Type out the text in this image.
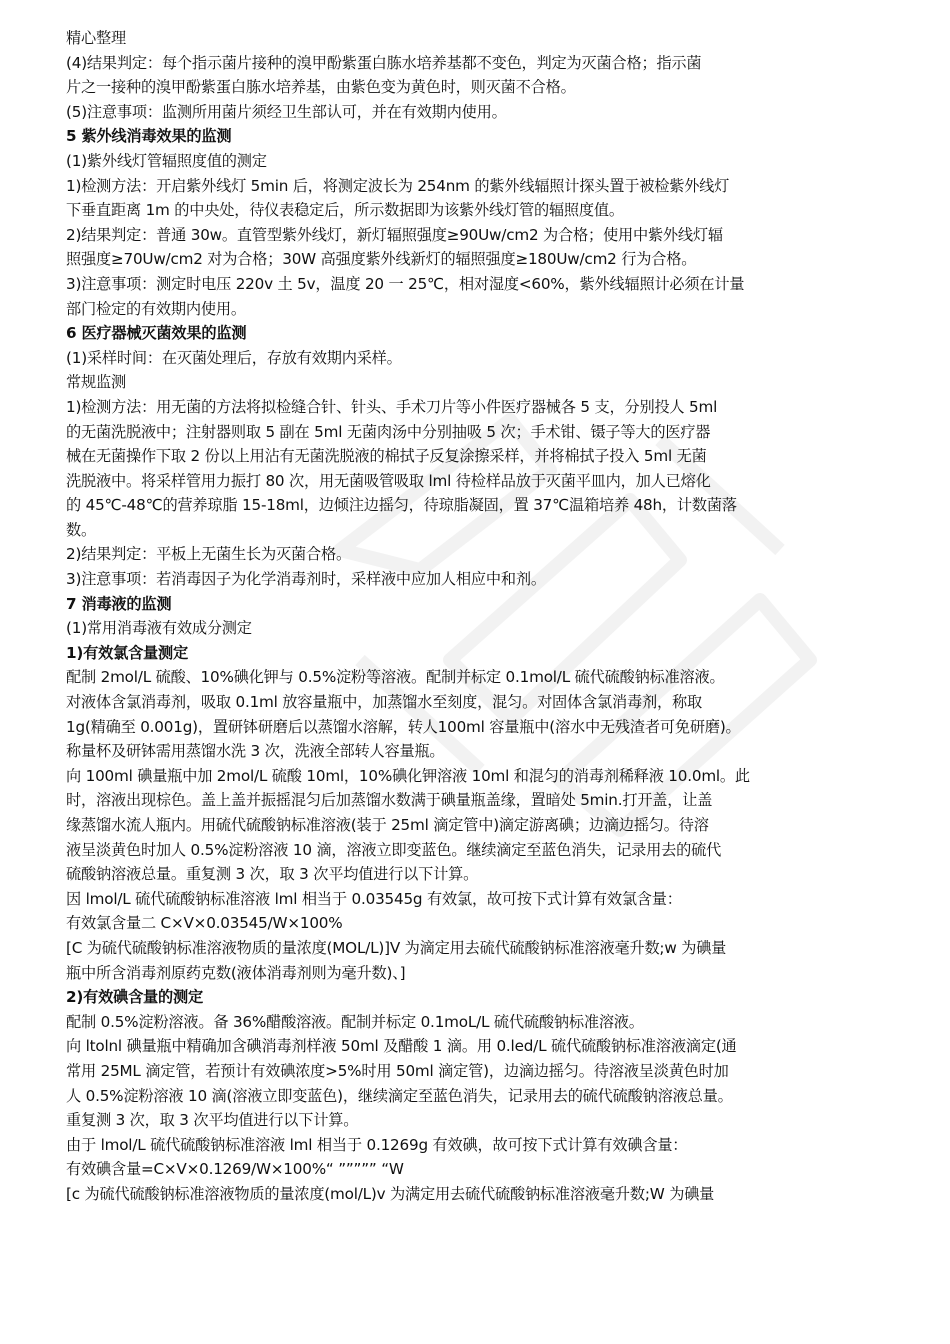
精心整理
(4)结果判定：每个指示菌片接种的溴甲酚紫蛋白胨水培养基都不变色，判定为灭菌合格；指示菌
片之一接种的溴甲酚紫蛋白胨水培养基，由紫色变为黄色时，则灭菌不合格。
(5)注意事项：监测所用菌片须经卫生部认可，并在有效期内使用。
5 紫外线消毒效果的监测
(1)紫外线灯管辐照度值的测定
1)检测方法：开启紫外线灯 5min 后，将测定波长为 254nm 的紫外线辐照计探头置于被检紫外线灯
下垂直距离 1m 的中央处，待仪表稳定后，所示数据即为该紫外线灯管的辐照度值。
2)结果判定：普通 30w。直管型紫外线灯，新灯辐照强度≥90Uw/cm2 为合格；使用中紫外线灯辐
照强度≥70Uw/cm2 对为合格；30W 高强度紫外线新灯的辐照强度≥180Uw/cm2 行为合格。
3)注意事项：测定时电压 220v 土 5v，温度 20 一 25℃，相对湿度<60%，紫外线辐照计必须在计量
部门检定的有效期内使用。
6 医疗器械灭菌效果的监测
(1)采样时间：在灭菌处理后，存放有效期内采样。
常规监测
1)检测方法：用无菌的方法将拟检缝合针、针头、手术刀片等小件医疗器械各 5 支，分别投人 5ml
的无菌洗脱液中；注射器则取 5 副在 5ml 无菌肉汤中分别抽吸 5 次；手术钳、镊子等大的医疗器
械在无菌操作下取 2 份以上用沾有无菌洗脱液的棉拭子反复涂擦采样，并将棉拭子投入 5ml 无菌
洗脱液中。将采样管用力振打 80 次，用无菌吸管吸取 lml 待检样品放于灭菌平皿内，加人已熔化
的 45℃-48℃的营养琼脂 15-18ml，边倾注边摇匀，待琼脂凝固，置 37℃温箱培养 48h，计数菌落
数。
2)结果判定：平板上无菌生长为灭菌合格。
3)注意事项：若消毒因子为化学消毒剂时，采样液中应加人相应中和剂。
7 消毒液的监测
(1)常用消毒液有效成分测定
1)有效氯含量测定
配制 2mol/L 硫酸、10%碘化钾与 0.5%淀粉等溶液。配制并标定 0.1mol/L 硫代硫酸钠标准溶液。
对液体含氯消毒剂，吸取 0.1ml 放容量瓶中，加蒸馏水至刻度，混匀。对固体含氯消毒剂，称取
1g(精确至 0.001g)，置研钵研磨后以蒸馏水溶解，转人100ml 容量瓶中(溶水中无残渣者可免研磨)。
称量杯及研钵需用蒸馏水洗 3 次，洗液全部转人容量瓶。
向 100ml 碘量瓶中加 2mol/L 硫酸 10ml，10%碘化钾溶液 10ml 和混匀的消毒剂稀释液 10.0ml。此
时，溶液出现棕色。盖上盖并振摇混匀后加蒸馏水数满于碘量瓶盖缘，置暗处 5min.打开盖，让盖
缘蒸馏水流人瓶内。用硫代硫酸钠标准溶液(装于 25ml 滴定管中)滴定游离碘；边滴边摇匀。待溶
液呈淡黄色时加人 0.5%淀粉溶液 10 滴，溶液立即变蓝色。继续滴定至蓝色消失，记录用去的硫代
硫酸钠溶液总量。重复测 3 次，取 3 次平均值进行以下计算。
因 lmol/L 硫代硫酸钠标准溶液 lml 相当于 0.03545g 有效氯，故可按下式计算有效氯含量：
有效氯含量二 C×V×0.03545/W×100%
[C 为硫代硫酸钠标准溶液物质的量浓度(MOL/L)]V 为滴定用去硫代硫酸钠标准溶液毫升数;w 为碘量
瓶中所含消毒剂原药克数(液体消毒剂则为毫升数)、]
2)有效碘含量的测定
配制 0.5%淀粉溶液。备 36%醋酸溶液。配制并标定 0.1moL/L 硫代硫酸钠标准溶液。
向 ltolnl 碘量瓶中精确加含碘消毒剂样液 50ml 及醋酸 1 滴。用 0.led/L 硫代硫酸钠标准溶液滴定(通
常用 25ML 滴定管，若预计有效碘浓度>5%时用 50ml 滴定管)，边滴边摇匀。待溶液呈淡黄色时加
人 0.5%淀粉溶液 10 滴(溶液立即变蓝色)，继续滴定至蓝色消失，记录用去的硫代硫酸钠溶液总量。
重复测 3 次，取 3 次平均值进行以下计算。
由于 lmol/L 硫代硫酸钠标准溶液 lml 相当于 0.1269g 有效碘，故可按下式计算有效碘含量：
有效碘含量=C×V×0.1269/W×100%“ ””””” “W
[c 为硫代硫酸钠标准溶液物质的量浓度(mol/L)v 为满定用去硫代硫酸钠标准溶液毫升数;W 为碘量
